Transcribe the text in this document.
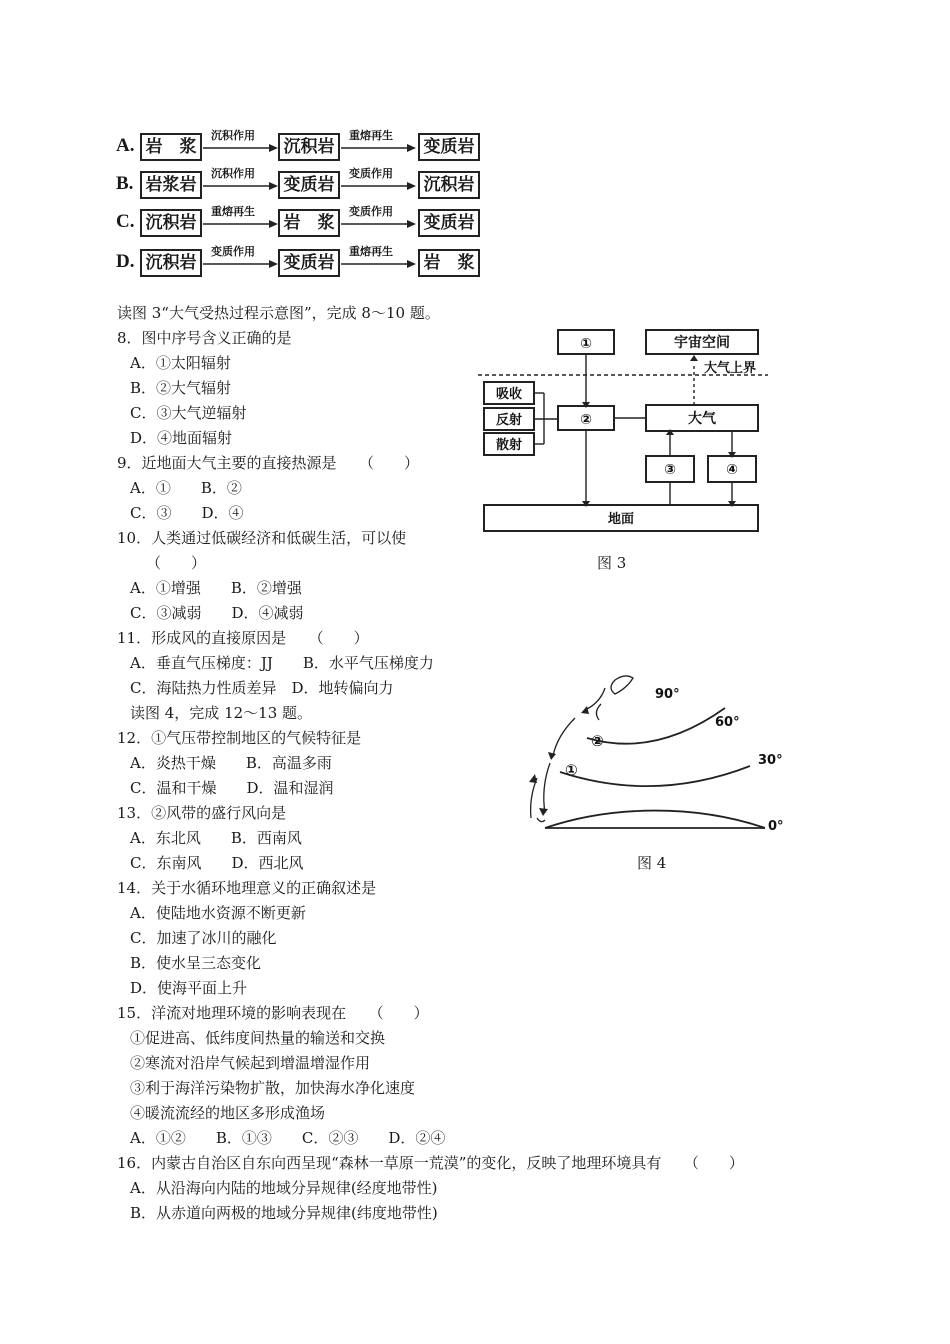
A. 岩　浆	沉积岩	变质岩
沉积作用	重熔再生
B. 岩浆岩	变质岩	沉积岩
沉积作用	变质作用
C. 沉积岩	岩　浆	变质岩
重熔再生	变质作用
D. 沉积岩	变质岩	岩　浆
变质作用	重熔再生
读图 3“大气受热过程示意图”，完成 8～10 题。
8．图中序号含义正确的是
A．①太阳辐射
B．②大气辐射
C．③大气逆辐射
D．④地面辐射
9．近地面大气主要的直接热源是　　（　　）
A．①　　B．②
C．③　　D．④
10．人类通过低碳经济和低碳生活，可以使
（　　）
A．①增强　　B．②增强
C．③减弱　　D．④减弱
11．形成风的直接原因是　　（　　）
A．垂直气压梯度：JJ　　B．水平气压梯度力
C．海陆热力性质差异　D．地转偏向力
读图 4，完成 12～13 题。
12．①气压带控制地区的气候特征是
A．炎热干燥　　B．高温多雨
C．温和干燥　　D．温和湿润
13．②风带的盛行风向是
A．东北风　　B．西南风
C．东南风　　D．西北风
14．关于水循环地理意义的正确叙述是
A．使陆地水资源不断更新
C．加速了冰川的融化
B．使水呈三态变化
D．使海平面上升
15．洋流对地理环境的影响表现在　　（　　）
①促进高、低纬度间热量的输送和交换
②寒流对沿岸气候起到增温增湿作用
③利于海洋污染物扩散，加快海水净化速度
④暖流流经的地区多形成渔场
A．①②　　B．①③　　C．②③　　D．②④
16．内蒙古自治区自东向西呈现“森林一草原一荒漠”的变化，反映了地理环境具有　　（　　）
A．从沿海向内陆的地域分异规律(经度地带性)
B．从赤道向两极的地域分异规律(纬度地带性)
①	宇宙空间
大气上界
吸收
反射
散射
②	大气
③	④
地面
图 3
90°
60°
30°
0°
②
①
图 4
